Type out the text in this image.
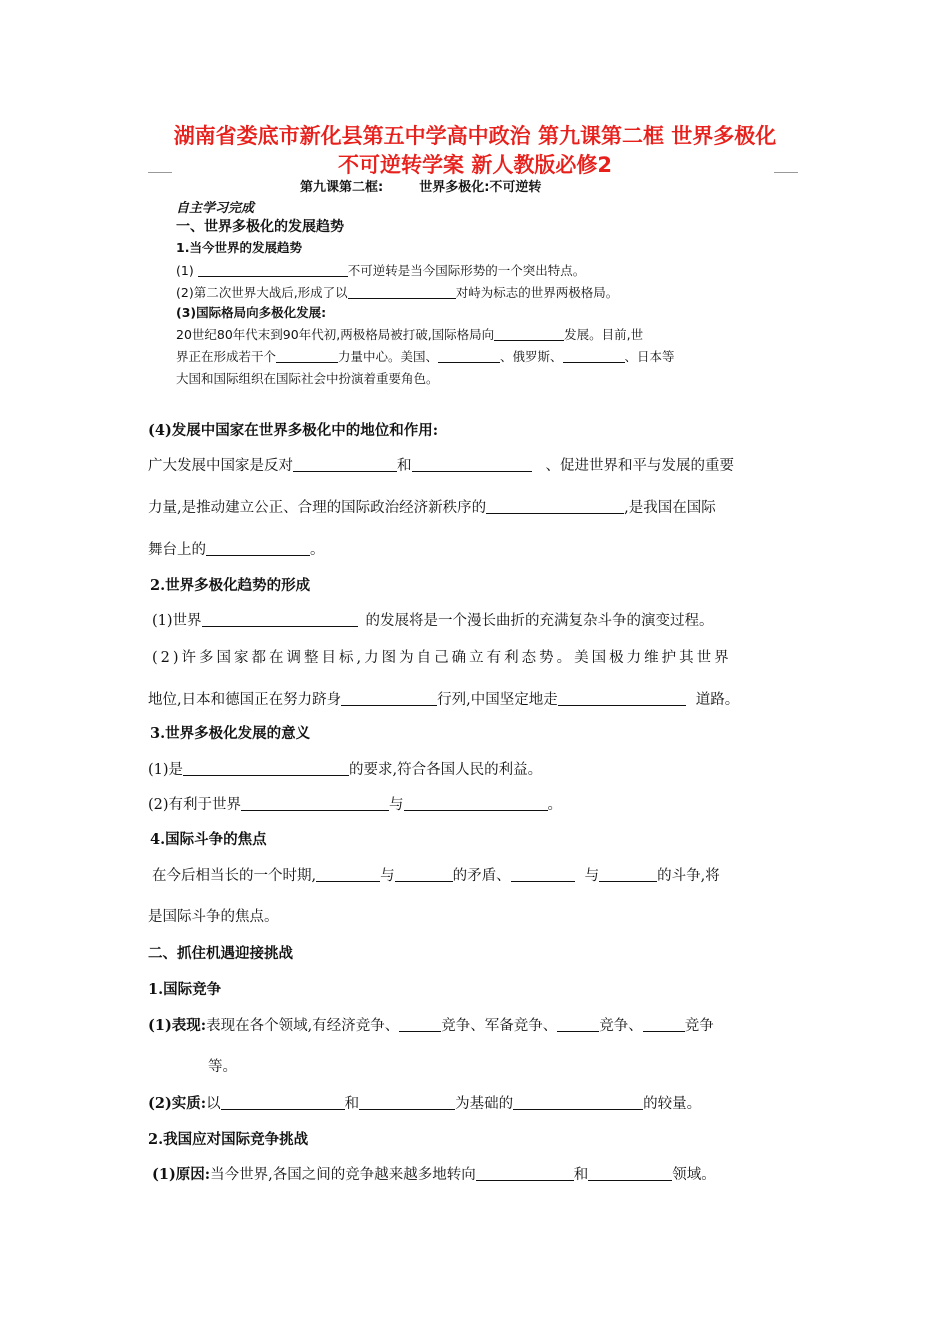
湖南省娄底市新化县第五中学高中政治 第九课第二框 世界多极化
不可逆转学案 新人教版必修2
第九课第二框:	世界多极化:不可逆转
自主学习完成
一、世界多极化的发展趋势
1.当今世界的发展趋势
(1)	不可逆转是当今国际形势的一个突出特点。
(2)第二次世界大战后,形成了以	对峙为标志的世界两极格局。
(3)国际格局向多极化发展:
20世纪80年代末到90年代初,两极格局被打破,国际格局向	发展。目前,世
界正在形成若干个	力量中心。美国、	、俄罗斯、	、日本等
大国和国际组织在国际社会中扮演着重要角色。
(4)发展中国家在世界多极化中的地位和作用:
广大发展中国家是反对	和	、促进世界和平与发展的重要
力量,是推动建立公正、合理的国际政治经济新秩序的	,是我国在国际
舞台上的	。
2.世界多极化趋势的形成
(1)世界	的发展将是一个漫长曲折的充满复杂斗争的演变过程。
(2)许多国家都在调整目标,力图为自己确立有利态势。美国极力维护其世界
地位,日本和德国正在努力跻身	行列,中国坚定地走	道路。
3.世界多极化发展的意义
(1)是	的要求,符合各国人民的利益。
(2)有利于世界	与	。
4.国际斗争的焦点
在今后相当长的一个时期,	与	的矛盾、	与	的斗争,将
是国际斗争的焦点。
二、抓住机遇迎接挑战
1.国际竞争
(1)表现:表现在各个领域,有经济竞争、	竞争、军备竞争、	竞争、	竞争
等。
(2)实质:以	和	为基础的	的较量。
2.我国应对国际竞争挑战
(1)原因:当今世界,各国之间的竞争越来越多地转向	和	领域。
